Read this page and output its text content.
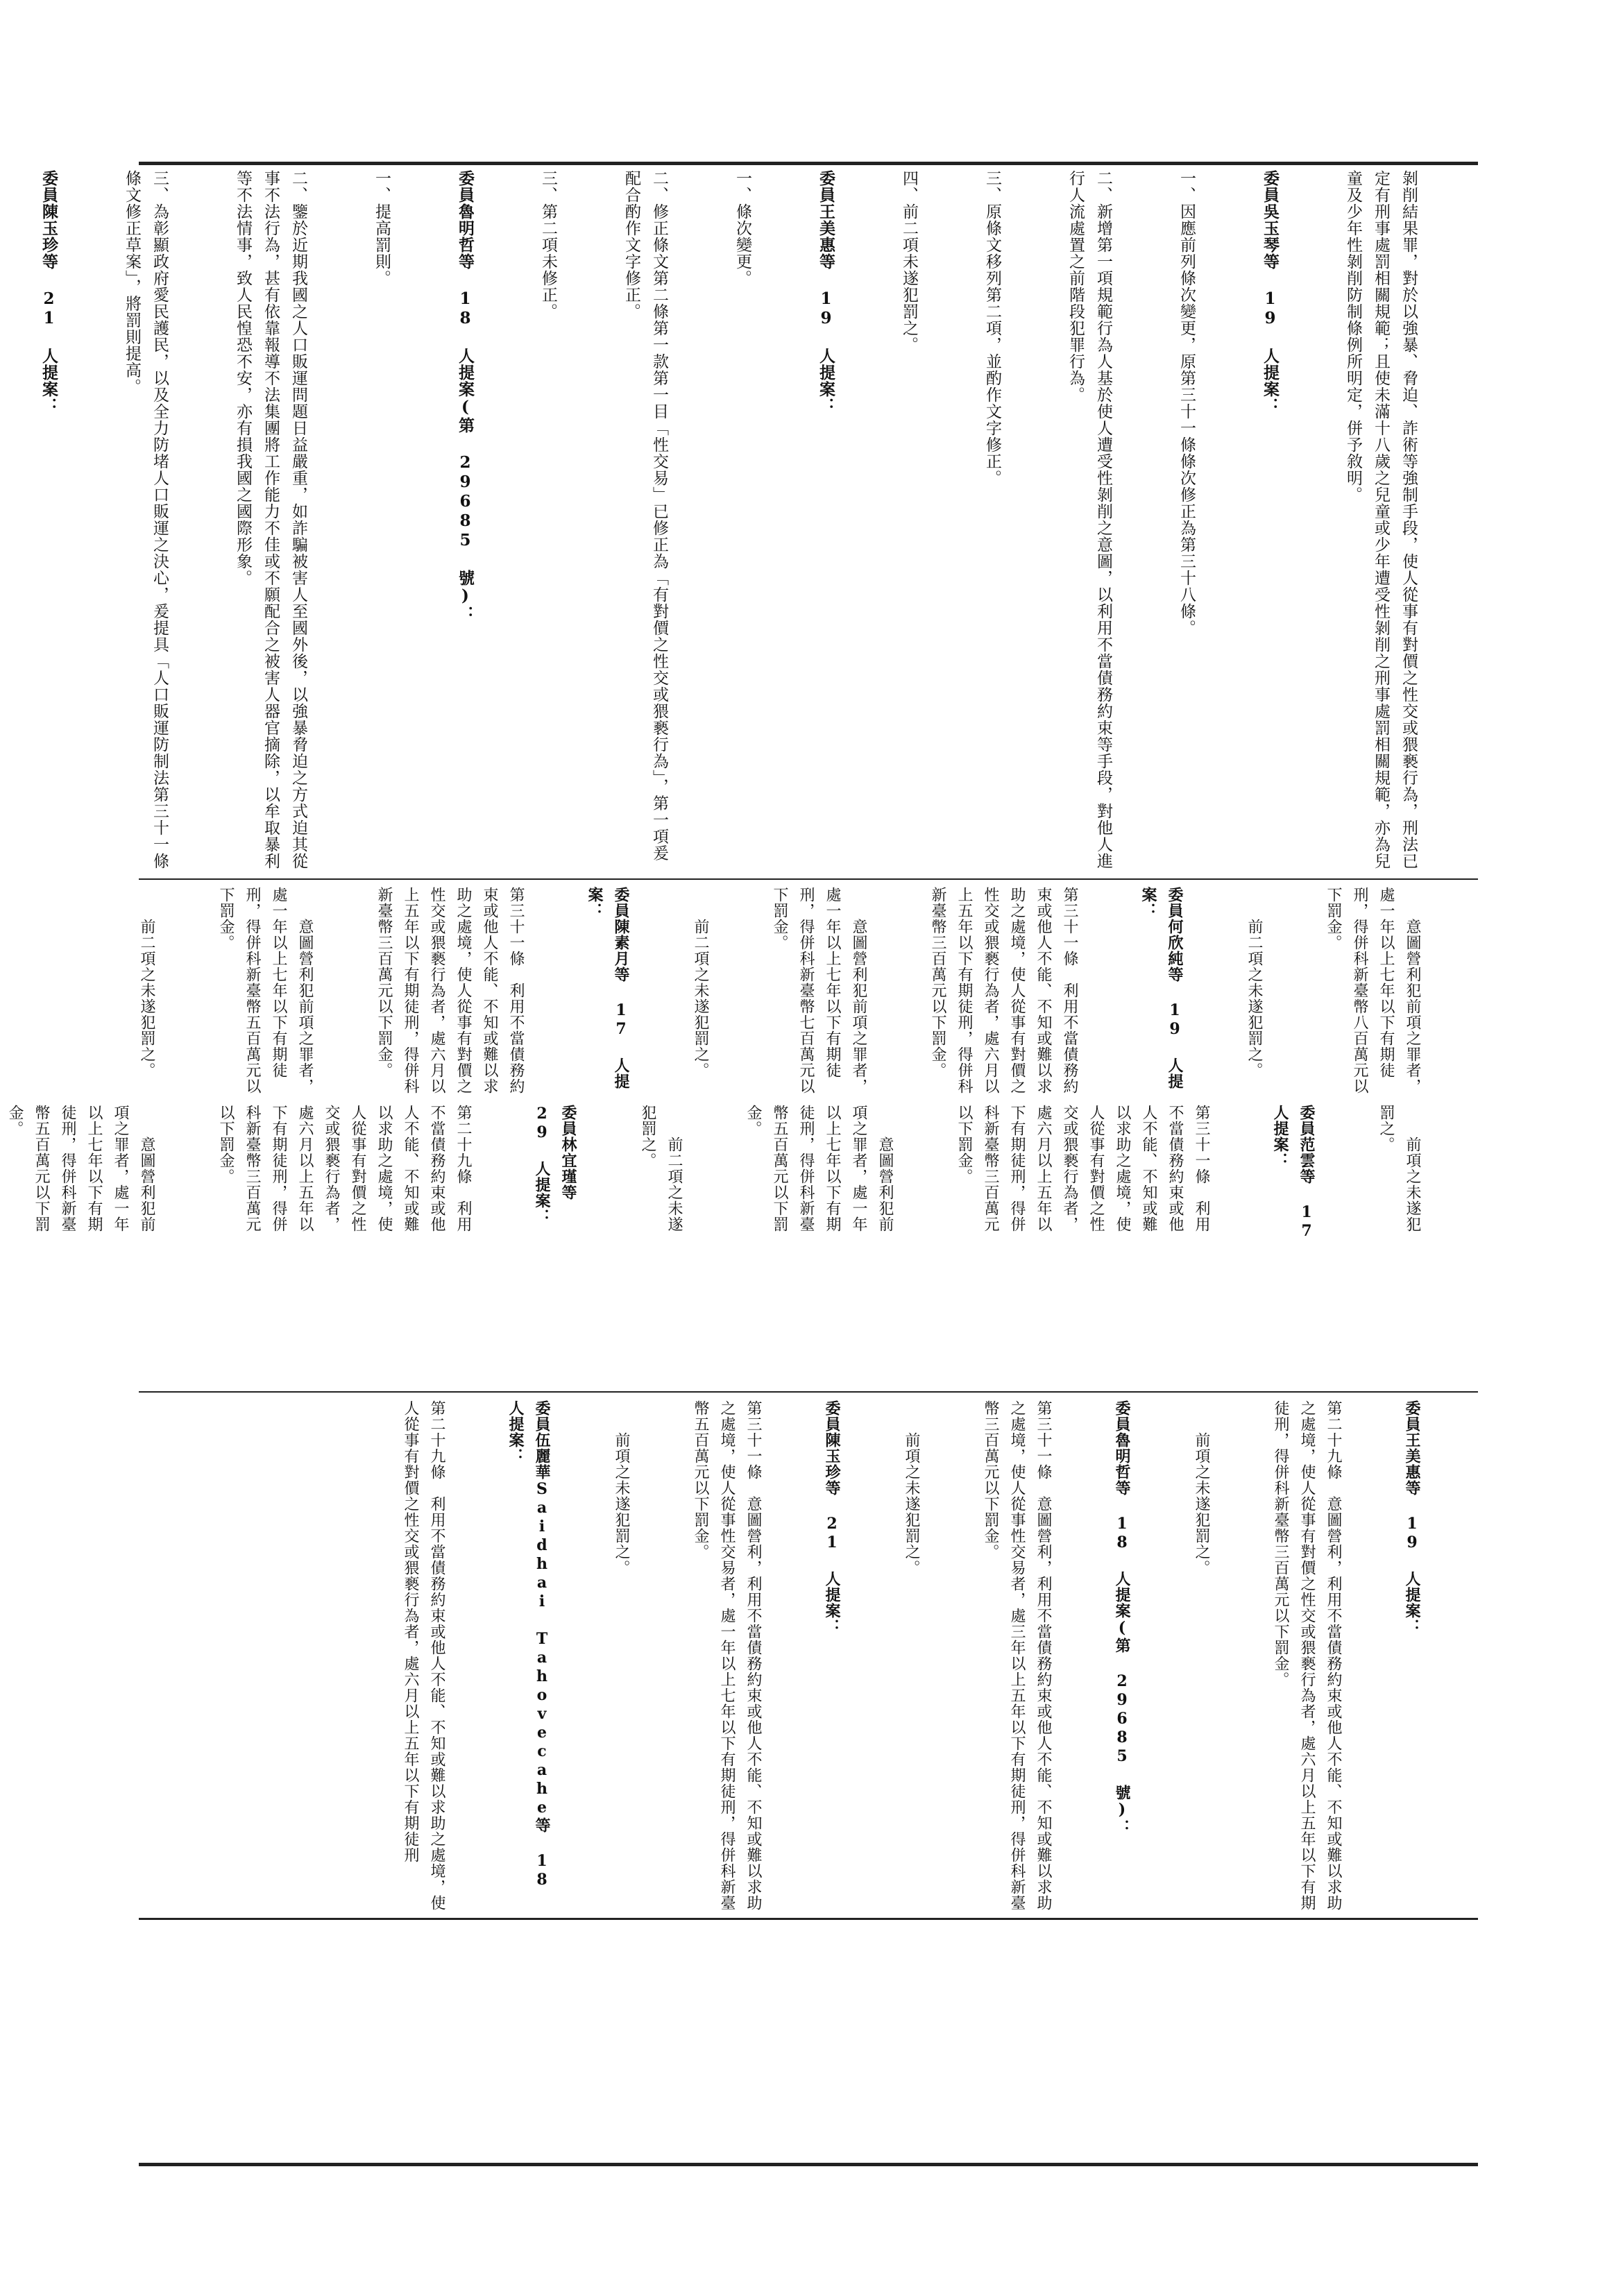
剝削結果罪，對於以強暴、脅迫、詐術等強制手段，使人從事有對價之性交或猥褻行為，刑法已定有刑事處罰相關規範；且使未滿十八歲之兒童或少年遭受性剝削之刑事處罰相關規範，亦為兒童及少年性剝削防制條例所明定，併予敘明。

委員吳玉琴等 19 人提案：

一、因應前列條次變更，原第三十一條條次修正為第三十八條。

二、新增第一項規範行為人基於使人遭受性剝削之意圖，以利用不當債務約束等手段，對他人進行人流處置之前階段犯罪行為。

三、原條文移列第二項，並酌作文字修正。

四、前二項未遂犯罰之。

委員王美惠等 19 人提案：

一、條次變更。

二、修正條文第二條第一款第一目「性交易」已修正為「有對價之性交或猥褻行為」，第一項爰配合酌作文字修正。

三、第二項未修正。

委員魯明哲等 18 人提案(第 29685 號)：

一、提高罰則。

二、鑒於近期我國之人口販運問題日益嚴重，如詐騙被害人至國外後，以強暴脅迫之方式迫其從事不法行為，甚有依靠報導不法集團將工作能力不佳或不願配合之被害人器官摘除，以牟取暴利等不法情事，致人民惶恐不安，亦有損我國之國際形象。

三、為彰顯政府愛民護民，以及全力防堵人口販運之決心，爰提具「人口販運防制法第三十一條條文修正草案」，將罰則提高。

委員陳玉珍等 21 人提案：

　　意圖營利犯前項之罪者，處一年以上七年以下有期徒刑，得併科新臺幣八百萬元以下罰金。

　　前二項之未遂犯罰之。

委員何欣純等 19 人提案：

第三十一條　利用不當債務約束或他人不能、不知或難以求助之處境，使人從事有對價之性交或猥褻行為者，處六月以上五年以下有期徒刑，得併科新臺幣三百萬元以下罰金。

　　意圖營利犯前項之罪者，處一年以上七年以下有期徒刑，得併科新臺幣七百萬元以下罰金。

　　前二項之未遂犯罰之。

委員陳素月等 17 人提案：

第三十一條　利用不當債務約束或他人不能、不知或難以求助之處境，使人從事有對價之性交或猥褻行為者，處六月以上五年以下有期徒刑，得併科新臺幣三百萬元以下罰金。

　　意圖營利犯前項之罪者，處一年以上七年以下有期徒刑，得併科新臺幣五百萬元以下罰金。

　　前二項之未遂犯罰之。

　　前項之未遂犯罰之。

委員范雲等 17 人提案：

第三十一條　利用不當債務約束或他人不能、不知或難以求助之處境，使人從事有對價之性交或猥褻行為者，處六月以上五年以下有期徒刑，得併科新臺幣三百萬元以下罰金。

　　意圖營利犯前項之罪者，處一年以上七年以下有期徒刑，得併科新臺幣五百萬元以下罰金。

　　前二項之未遂犯罰之。

委員林宜瑾等 29 人提案：

第二十九條　利用不當債務約束或他人不能、不知或難以求助之處境，使人從事有對價之性交或猥褻行為者，處六月以上五年以下有期徒刑，得併科新臺幣三百萬元以下罰金。

　　意圖營利犯前項之罪者，處一年以上七年以下有期徒刑，得併科新臺幣五百萬元以下罰金。

委員王美惠等 19 人提案：

第二十九條　意圖營利，利用不當債務約束或他人不能、不知或難以求助之處境，使人從事有對價之性交或猥褻行為者，處六月以上五年以下有期徒刑，得併科新臺幣三百萬元以下罰金。

　　前項之未遂犯罰之。

委員魯明哲等 18 人提案(第 29685 號)：

第三十一條　意圖營利，利用不當債務約束或他人不能、不知或難以求助之處境，使人從事性交易者，處三年以上五年以下有期徒刑，得併科新臺幣三百萬元以下罰金。

　　前項之未遂犯罰之。

委員陳玉珍等 21 人提案：

第三十一條　意圖營利，利用不當債務約束或他人不能、不知或難以求助之處境，使人從事性交易者，處一年以上七年以下有期徒刑，得併科新臺幣五百萬元以下罰金。

　　前項之未遂犯罰之。

委員伍麗華Saidhai Tahovecahe等 18 人提案：

第二十九條　利用不當債務約束或他人不能、不知或難以求助之處境，使人從事有對價之性交或猥褻行為者，處六月以上五年以下有期徒刑
